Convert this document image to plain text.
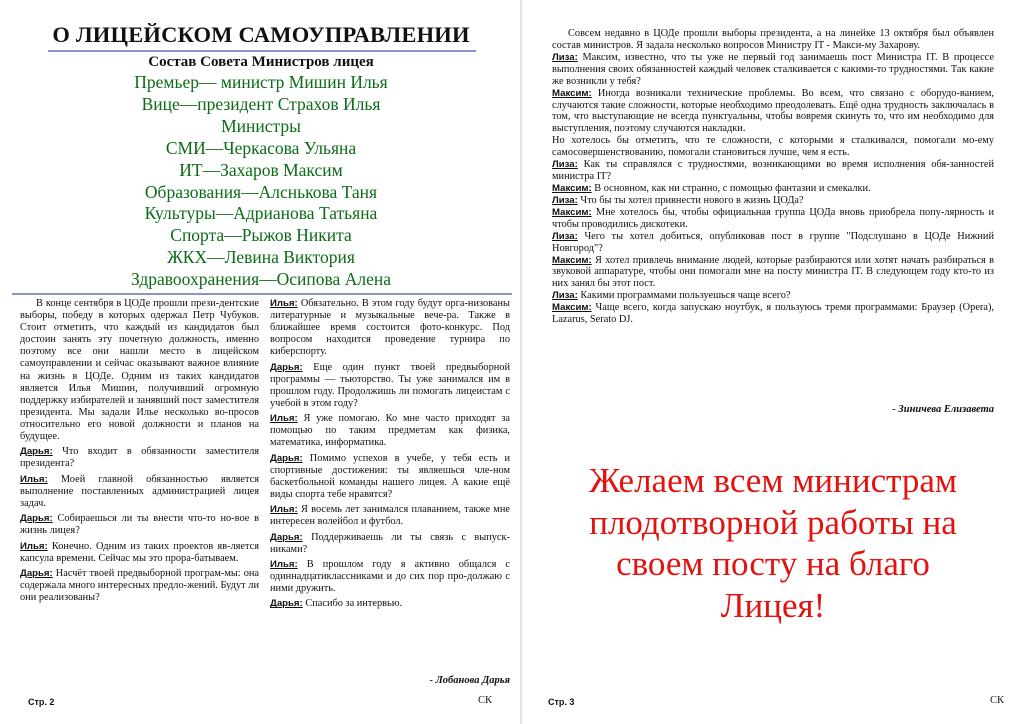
О ЛИЦЕЙСКОМ САМОУПРАВЛЕНИИ
Состав Совета Министров лицея
Премьер— министр Мишин Илья
Вице—президент Страхов Илья
Министры
СМИ—Черкасова Ульяна
ИТ—Захаров Максим
Образования—Алснькова Таня
Культуры—Адрианова Татьяна
Спорта—Рыжов Никита
ЖКХ—Левина Виктория
Здравоохранения—Осипова Алена

В конце сентября в ЦОДе прошли прези-дентские выборы, победу в которых одержал Петр Чубуков. Стоит отметить, что каждый из кандидатов был достоин занять эту почетную должность, именно поэтому все они нашли место в лицейском самоуправлении и сейчас оказывают важное влияние на жизнь в ЦОДе. Одним из таких кандидатов является Илья Мишин, получивший огромную поддержку избирателей и занявший пост заместителя президента. Мы задали Илье несколько во-просов относительно его новой должности и планов на будущее.

Дарья: Что входит в обязанности заместителя президента?

Илья: Моей главной обязанностью является выполнение поставленных администрацией лицея задач.

Дарья: Собираешься ли ты внести что-то но-вое в жизнь лицея?

Илья: Конечно. Одним из таких проектов яв-ляется капсула времени. Сейчас мы это прора-батываем.

Дарья: Насчёт твоей предвыборной програм-мы: она содержала много интересных предло-жений. Будут ли они реализованы?

Илья: Обязательно. В этом году будут орга-низованы литературные и музыкальные вече-ра. Также в ближайшее время состоится фото-конкурс. Под вопросом находится проведение турнира по киберспорту.

Дарья: Еще один пункт твоей предвыборной программы — тьюторство. Ты уже занимался им в прошлом году. Продолжишь ли помогать лицеистам с учебой в этом году?

Илья: Я уже помогаю. Ко мне часто приходят за помощью по таким предметам как физика, математика, информатика.

Дарья: Помимо успехов в учебе, у тебя есть и спортивные достижения: ты являешься чле-ном баскетбольной команды нашего лицея. А какие ещё виды спорта тебе нравятся?

Илья: Я восемь лет занимался плаванием, также мне интересен волейбол и футбол.

Дарья: Поддерживаешь ли ты связь с выпуск-никами?

Илья: В прошлом году я активно общался с одиннадцатиклассниками и до сих пор про-должаю с ними дружить.

Дарья: Спасибо за интервью.

- Лобанова Дарья
Стр. 2	СК

Совсем недавно в ЦОДе прошли выборы президента, а на линейке 13 октября был объявлен состав министров. Я задала несколько вопросов Министру IT - Макси-му Захарову.

Лиза: Максим, известно, что ты уже не первый год занимаешь пост Министра IT. В процессе выполнения своих обязанностей каждый человек сталкивается с какими-то трудностями. Так какие же возникли у тебя?

Максим: Иногда возникали технические проблемы. Во всем, что связано с оборудо-ванием, случаются такие сложности, которые необходимо преодолевать. Ещё одна трудность заключалась в том, что выступающие не всегда пунктуальны, чтобы вовремя скинуть то, что им необходимо для выступления, поэтому случаются накладки.

Но хотелось бы отметить, что те сложности, с которыми я сталкивался, помогали мо-ему самосовершенствованию, помогали становиться лучше, чем я есть.

Лиза: Как ты справлялся с трудностями, возникающими во время исполнения обя-занностей министра IT?

Максим: В основном, как ни странно, с помощью фантазии и смекалки.

Лиза: Что бы ты хотел привнести нового в жизнь ЦОДа?

Максим: Мне хотелось бы, чтобы официальная группа ЦОДа вновь приобрела попу-лярность и чтобы проводились дискотеки.

Лиза: Чего ты хотел добиться, опубликовав пост в группе "Подслушано в ЦОДе Нижний Новгород"?

Максим: Я хотел привлечь внимание людей, которые разбираются или хотят начать разбираться в звуковой аппаратуре, чтобы они помогали мне на посту министра IT. В следующем году кто-то из них занял бы этот пост.

Лиза: Какими программами пользуешься чаще всего?

Максим: Чаще всего, когда запускаю ноутбук, я пользуюсь тремя программами: Браузер (Opera), Lazarus, Serato DJ.

- Зиничева Елизавета
Желаем всем министрам
плодотворной работы на
своем посту на благо
Лицея!
Стр. 3	СК
